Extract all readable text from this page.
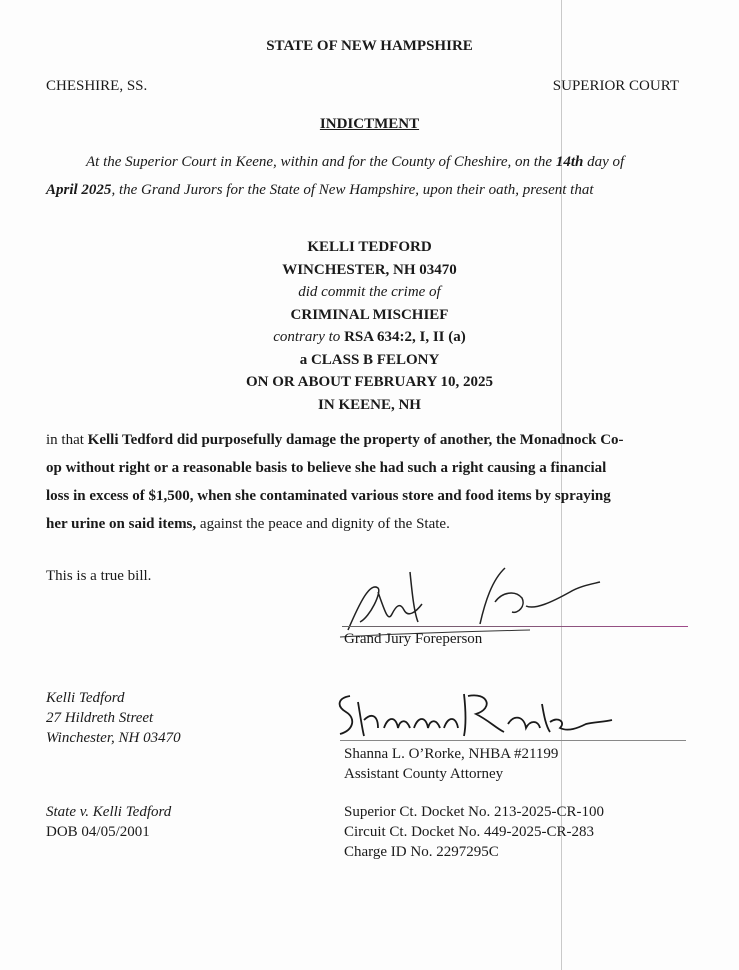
STATE OF NEW HAMPSHIRE
CHESHIRE, SS.	SUPERIOR COURT
INDICTMENT
At the Superior Court in Keene, within and for the County of Cheshire, on the 14th day of
April 2025, the Grand Jurors for the State of New Hampshire, upon their oath, present that
KELLI TEDFORD
WINCHESTER, NH 03470
did commit the crime of
CRIMINAL MISCHIEF
contrary to RSA 634:2, I, II (a)
a CLASS B FELONY
ON OR ABOUT FEBRUARY 10, 2025
IN KEENE, NH
in that Kelli Tedford did purposefully damage the property of another, the Monadnock Co-
op without right or a reasonable basis to believe she had such a right causing a financial
loss in excess of $1,500, when she contaminated various store and food items by spraying
her urine on said items, against the peace and dignity of the State.
This is a true bill.
Grand Jury Foreperson
Kelli Tedford
27 Hildreth Street
Winchester, NH 03470
Shanna L. O’Rorke, NHBA #21199
Assistant County Attorney
State v. Kelli Tedford
DOB 04/05/2001
Superior Ct. Docket No. 213-2025-CR-100
Circuit Ct. Docket No. 449-2025-CR-283
Charge ID No. 2297295C
